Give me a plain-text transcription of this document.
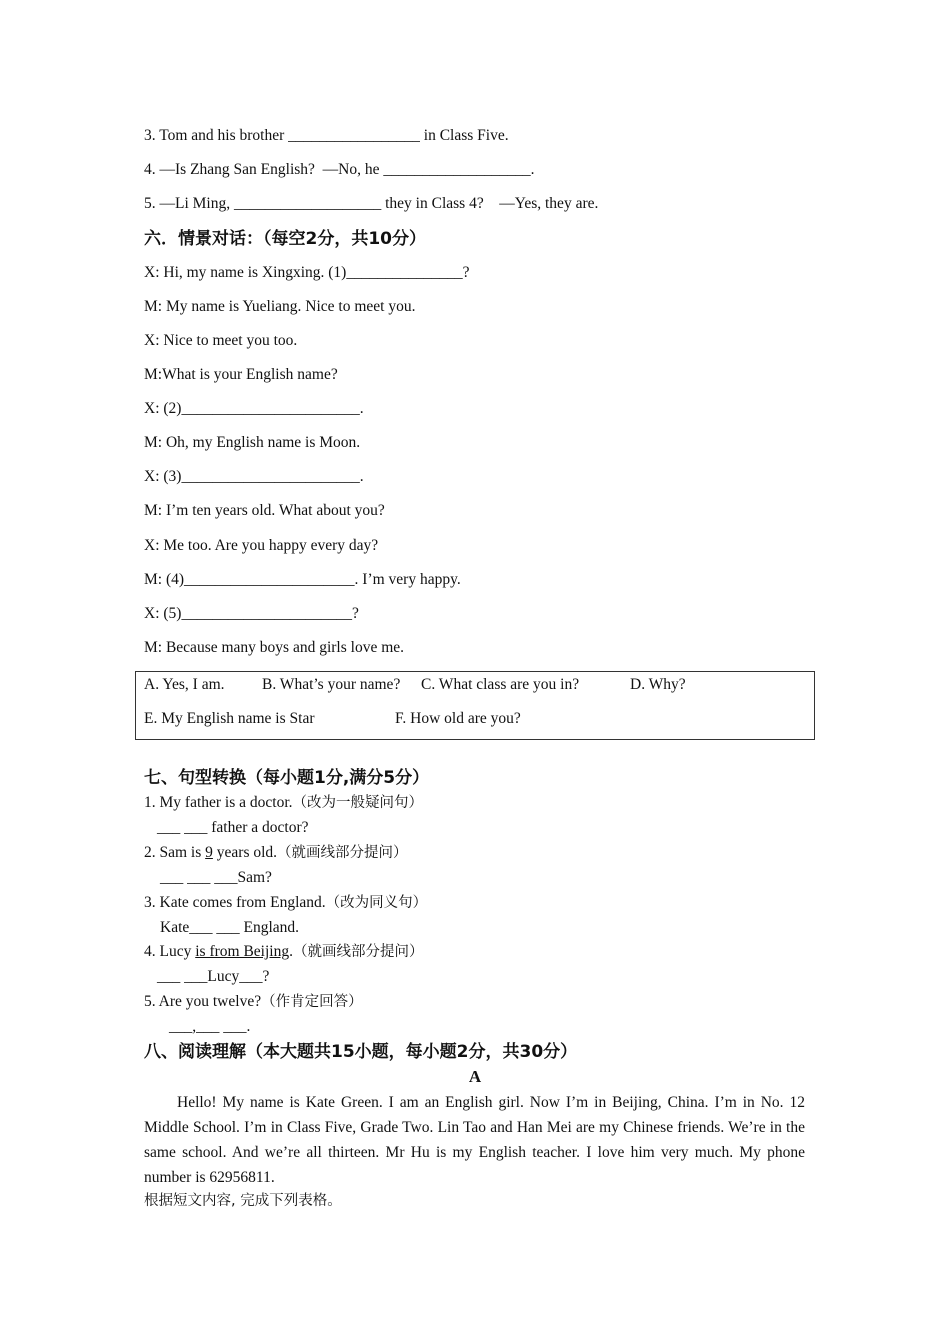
3. Tom and his brother _________________ in Class Five.
4. —Is Zhang San English?  —No, he ___________________.
5. —Li Ming, ___________________ they in Class 4?    —Yes, they are.
六．情景对话：（每空2分，共10分）
X: Hi, my name is Xingxing. (1)_______________?
M: My name is Yueliang. Nice to meet you.
X: Nice to meet you too.
M:What is your English name?
X: (2)_______________________.
M: Oh, my English name is Moon.
X: (3)_______________________.
M: I’m ten years old. What about you?
X: Me too. Are you happy every day?
M: (4)______________________. I’m very happy.
X: (5)______________________?
M: Because many boys and girls love me.
A. Yes, I am. B. What’s your name? C. What class are you in?	D. Why?
E. My English name is Star	F. How old are you?
七、句型转换（每小题1分,满分5分）
1. My father is a doctor.（改为一般疑问句）
___ ___ father a doctor?
2. Sam is 9 years old.（就画线部分提问）
___ ___ ___Sam?
3. Kate comes from England.（改为同义句）
Kate___ ___ England.
4. Lucy is from Beijing.（就画线部分提问）
___ ___Lucy___?
5. Are you twelve?（作肯定回答）
___,___ ___.
八、阅读理解（本大题共15小题，每小题2分，共30分）
A
Hello! My name is Kate Green. I am an English girl. Now I’m in Beijing, China. I’m in No. 12 Middle School. I’m in Class Five, Grade Two. Lin Tao and Han Mei are my Chinese friends. We’re in the same school. And we’re all thirteen. Mr Hu is my English teacher. I love him very much. My phone number is 62956811.
根据短文内容, 完成下列表格。
